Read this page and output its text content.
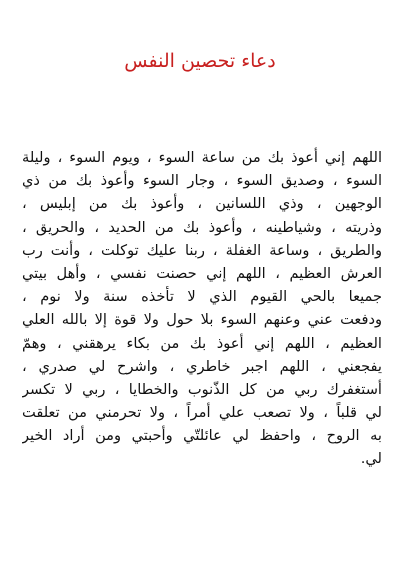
دعاء تحصين النفس
اللهم إني أعوذ بك من ساعة السوء ، ويوم السوء ، وليلة
السوء ، وصديق السوء ، وجار السوء وأعوذ بك من ذي
الوجهين ، وذي اللسانين ، وأعوذ بك من إبليس ،
وذريته ، وشياطينه ، وأعوذ بك من الحديد ، والحريق ،
والطريق ، وساعة الغفلة ، ربنا عليك توكلت ، وأنت رب
العرش العظيم ، اللهم إني حصنت نفسي ، وأهل بيتي
جميعا بالحي القيوم الذي لا تأخذه سنة ولا نوم ،
ودفعت عني وعنهم السوء بلا حول ولا قوة إلا بالله العلي
العظيم ، اللهم إني أعوذ بك من بكاء يرهقني ، وهمّ
يفجعني ، اللهم اجبر خاطري ، واشرح لي صدري ،
أستغفرك ربي من كل الذّنوب والخطايا ، ربي لا تكسر
لي قلباً ، ولا تصعب علي أمراً ، ولا تحرمني من تعلقت
به الروح ، واحفظ لي عائلتّي وأحبتي ومن أراد الخير
لي.
